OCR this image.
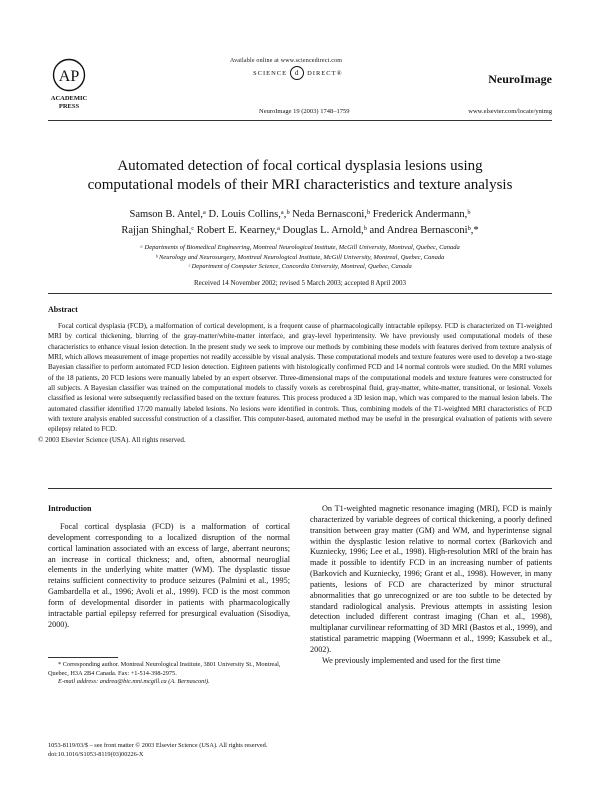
AP
ACADEMIC
PRESS
Available online at www.sciencedirect.com
SCIENCE	d	DIRECT®	NeuroImage
NeuroImage 19 (2003) 1748–1759	www.elsevier.com/locate/ynimg
Automated detection of focal cortical dysplasia lesions using
computational models of their MRI characteristics and texture analysis
Samson B. Antel,ᵃ D. Louis Collins,ᵃ,ᵇ Neda Bernasconi,ᵇ Frederick Andermann,ᵇ
Rajjan Shinghal,ᶜ Robert E. Kearney,ᵃ Douglas L. Arnold,ᵇ and Andrea Bernasconiᵇ,*
ᵃ Departments of Biomedical Engineering, Montreal Neurological Institute, McGill University, Montreal, Quebec, Canada
ᵇ Neurology and Neurosurgery, Montreal Neurological Institute, McGill University, Montreal, Quebec, Canada
ᶜ Department of Computer Science, Concordia University, Montreal, Quebec, Canada
Received 14 November 2002; revised 5 March 2003; accepted 8 April 2003
Abstract
Focal cortical dysplasia (FCD), a malformation of cortical development, is a frequent cause of pharmacologically intractable epilepsy. FCD is characterized on T1-weighted MRI by cortical thickening, blurring of the gray-matter/white-matter interface, and gray-level hyperintensity. We have previously used computational models of these characteristics to enhance visual lesion detection. In the present study we seek to improve our methods by combining these models with features derived from texture analysis of MRI, which allows measurement of image properties not readily accessible by visual analysis. These computational models and texture features were used to develop a two-stage Bayesian classifier to perform automated FCD lesion detection. Eighteen patients with histologically confirmed FCD and 14 normal controls were studied. On the MRI volumes of the 18 patients, 20 FCD lesions were manually labeled by an expert observer. Three-dimensional maps of the computational models and texture features were constructed for all subjects. A Bayesian classifier was trained on the computational models to classify voxels as cerebrospinal fluid, gray-matter, white-matter, transitional, or lesional. Voxels classified as lesional were subsequently reclassified based on the texture features. This process produced a 3D lesion map, which was compared to the manual lesion labels. The automated classifier identified 17/20 manually labeled lesions. No lesions were identified in controls. Thus, combining models of the T1-weighted MRI characteristics of FCD with texture analysis enabled successful construction of a classifier. This computer-based, automated method may be useful in the presurgical evaluation of patients with severe epilepsy related to FCD.
© 2003 Elsevier Science (USA). All rights reserved.
Introduction
Focal cortical dysplasia (FCD) is a malformation of cortical development corresponding to a localized disruption of the normal cortical lamination associated with an excess of large, aberrant neurons; an increase in cortical thickness; and, often, abnormal neuroglial elements in the underlying white matter (WM). The dysplastic tissue retains sufficient connectivity to produce seizures (Palmini et al., 1995; Gambardella et al., 1996; Avoli et al., 1999). FCD is the most common form of developmental disorder in patients with pharmacologically intractable partial epilepsy referred for presurgical evaluation (Sisodiya, 2000).

On T1-weighted magnetic resonance imaging (MRI), FCD is mainly characterized by variable degrees of cortical thickening, a poorly defined transition between gray matter (GM) and WM, and hyperintense signal within the dysplastic lesion relative to normal cortex (Barkovich and Kuzniecky, 1996; Lee et al., 1998). High-resolution MRI of the brain has made it possible to identify FCD in an increasing number of patients (Barkovich and Kuzniecky, 1996; Grant et al., 1998). However, in many patients, lesions of FCD are characterized by minor structural abnormalities that go unrecognized or are too subtle to be detected by standard radiological analysis. Previous attempts in assisting lesion detection included different contrast imaging (Chan et al., 1998), multiplanar curvilinear reformatting of 3D MRI (Bastos et al., 1999), and statistical parametric mapping (Woermann et al., 1999; Kassubek et al., 2002).

We previously implemented and used for the first time

* Corresponding author. Montreal Neurological Institute, 3801 University St., Montreal, Quebec, H3A 2B4 Canada. Fax: +1-514-398-2975.
E-mail address: andrea@bic.mni.mcgill.ca (A. Bernasconi).
1053-8119/03/$ – see front matter © 2003 Elsevier Science (USA). All rights reserved.
doi:10.1016/S1053-8119(03)00226-X
